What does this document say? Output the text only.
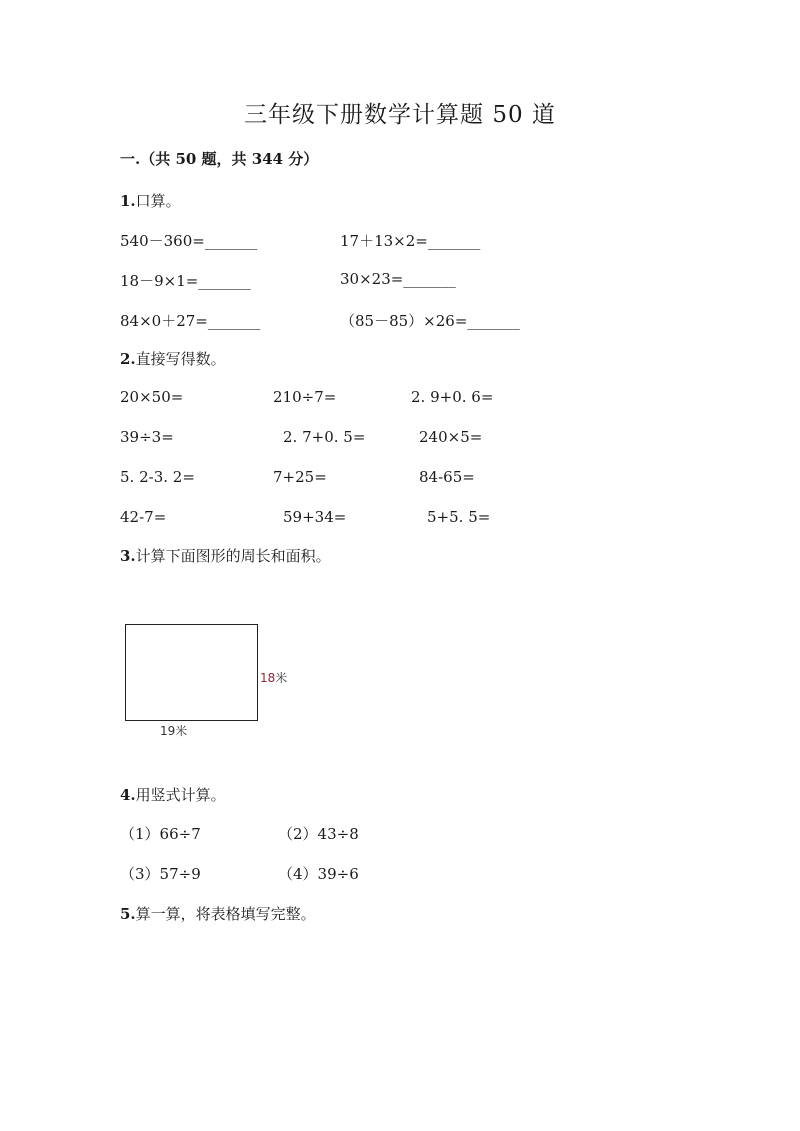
三年级下册数学计算题 50 道
一.（共 50 题，共 344 分）
1.口算。
540－360=_______	17＋13×2=_______
18－9×1=_______	30×23=_______
84×0＋27=_______	（85－85）×26=_______
2.直接写得数。
20×50=	210÷7=	2. 9+0. 6=
39÷3=	2. 7+0. 5=	240×5=
5. 2-3. 2=	7+25=	84-65=
42-7=	59+34=	5+5. 5=
3.计算下面图形的周长和面积。
18米
19米
4.用竖式计算。
（1）66÷7	（2）43÷8
（3）57÷9	（4）39÷6
5.算一算，将表格填写完整。
